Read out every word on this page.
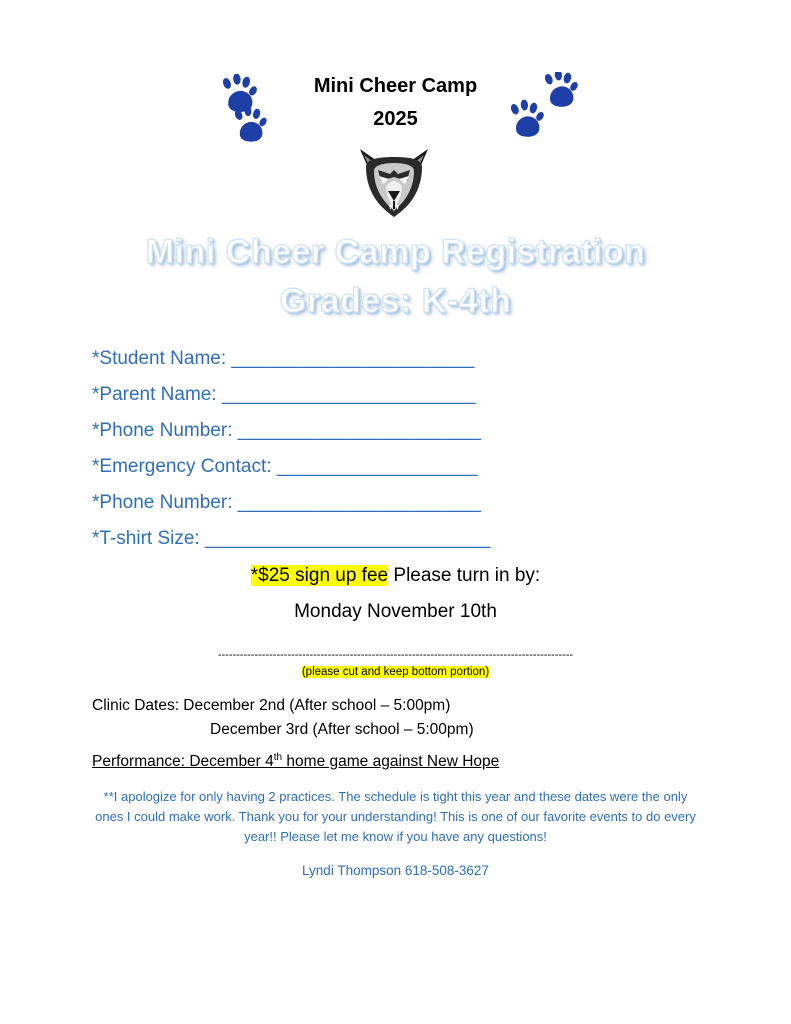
Mini Cheer Camp
2025
Mini Cheer Camp Registration
Grades: K-4th
*Student Name: _______________________
*Parent Name: ________________________
*Phone Number: _______________________
*Emergency Contact: ___________________
*Phone Number: _______________________
*T-shirt Size: ___________________________
*$25 sign up fee Please turn in by:
Monday November 10th
-------------------------------------------------------------------------------------------------
(please cut and keep bottom portion)
Clinic Dates: December 2nd (After school – 5:00pm)
December 3rd (After school – 5:00pm)
Performance: December 4th home game against New Hope
**I apologize for only having 2 practices. The schedule is tight this year and these dates were the only ones I could make work. Thank you for your understanding! This is one of our favorite events to do every year!! Please let me know if you have any questions!
Lyndi Thompson 618-508-3627
